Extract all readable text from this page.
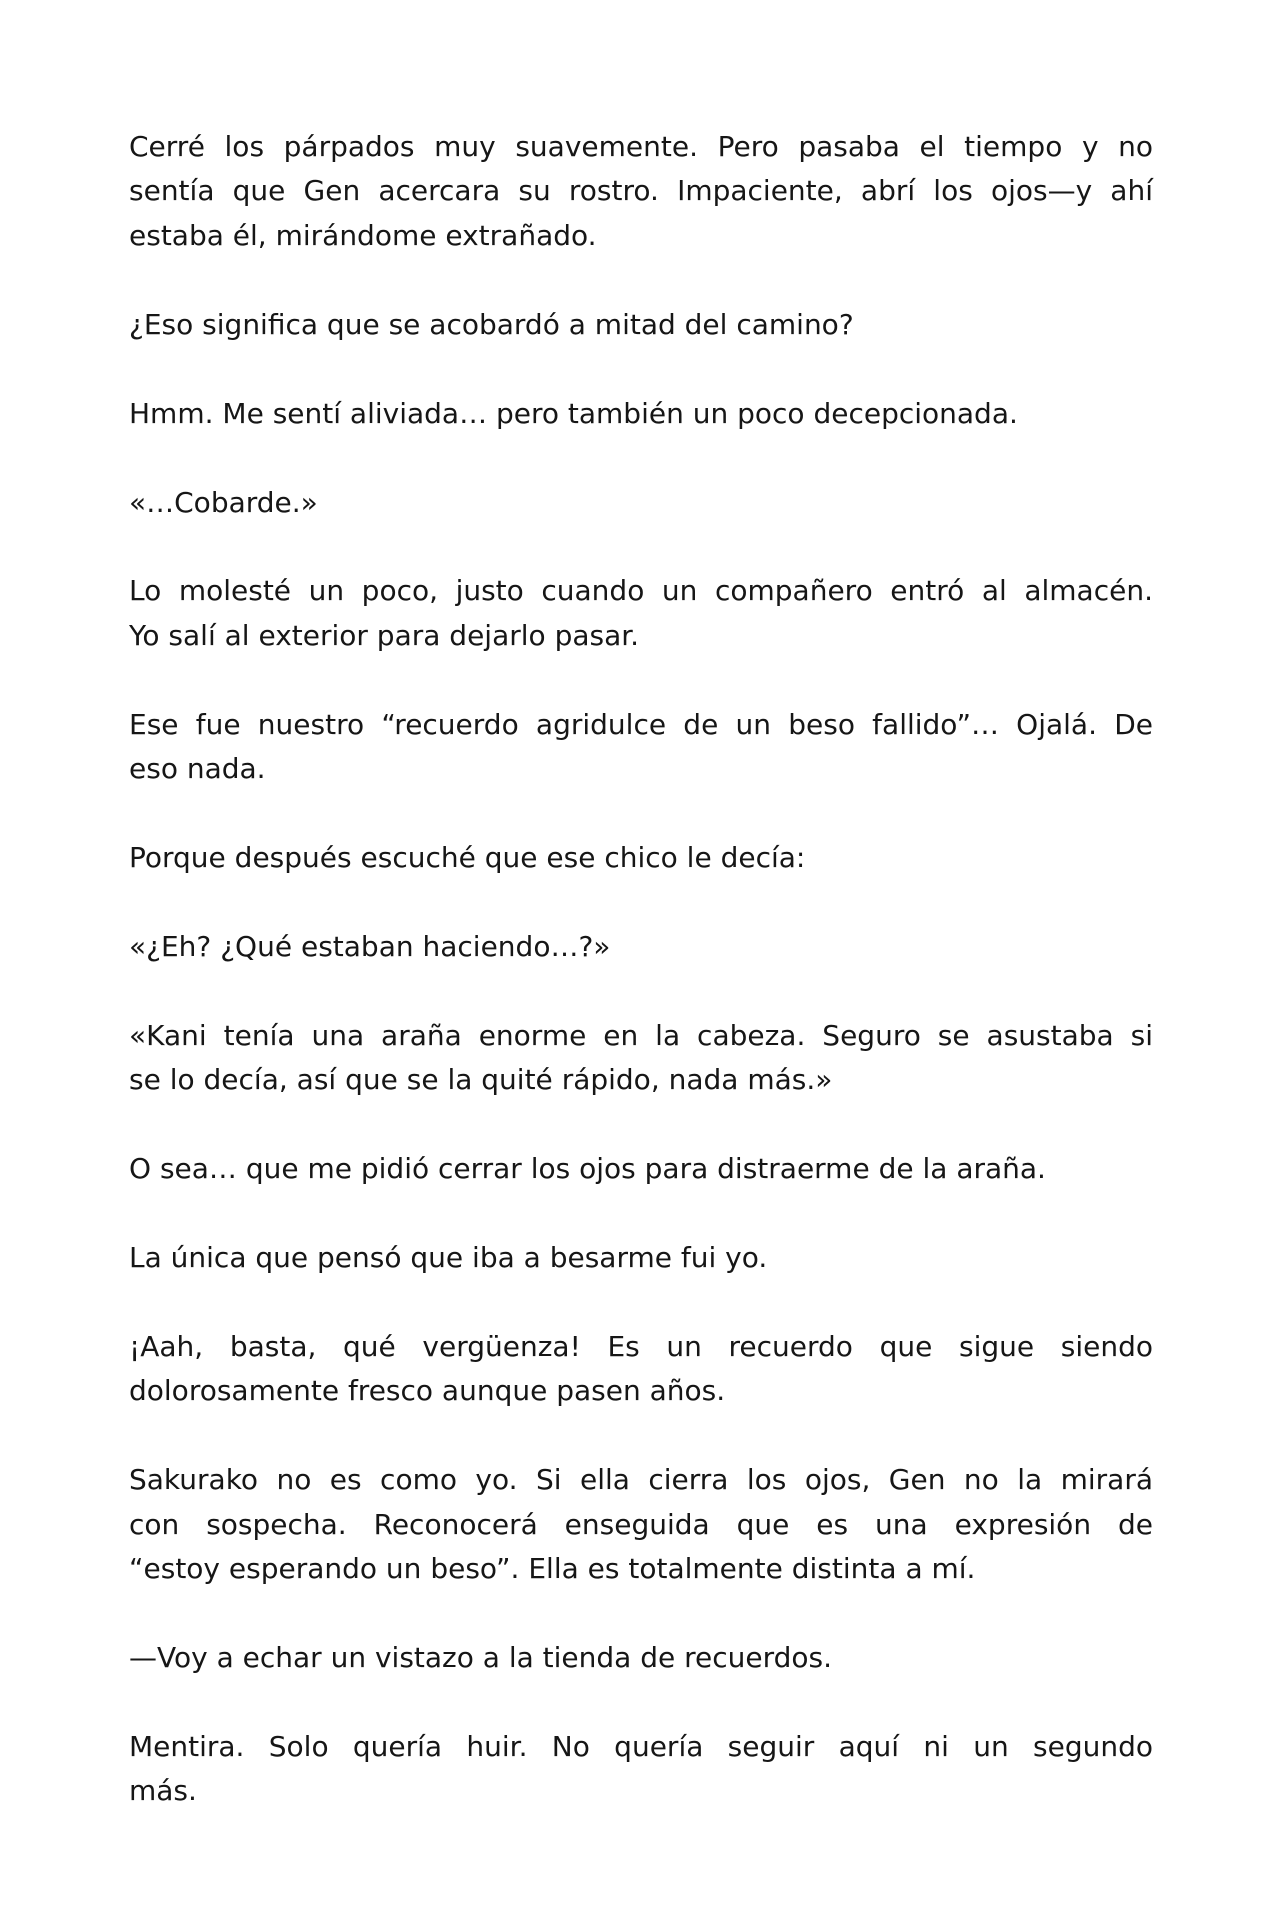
Cerré los párpados muy suavemente. Pero pasaba el tiempo y no
sentía que Gen acercara su rostro. Impaciente, abrí los ojos—y ahí
estaba él, mirándome extrañado.

¿Eso significa que se acobardó a mitad del camino?

Hmm. Me sentí aliviada… pero también un poco decepcionada.

«…Cobarde.»

Lo molesté un poco, justo cuando un compañero entró al almacén.
Yo salí al exterior para dejarlo pasar.

Ese fue nuestro “recuerdo agridulce de un beso fallido”… Ojalá. De
eso nada.

Porque después escuché que ese chico le decía:

«¿Eh? ¿Qué estaban haciendo…?»

«Kani tenía una araña enorme en la cabeza. Seguro se asustaba si
se lo decía, así que se la quité rápido, nada más.»

O sea… que me pidió cerrar los ojos para distraerme de la araña.

La única que pensó que iba a besarme fui yo.

¡Aah, basta, qué vergüenza! Es un recuerdo que sigue siendo
dolorosamente fresco aunque pasen años.

Sakurako no es como yo. Si ella cierra los ojos, Gen no la mirará
con sospecha. Reconocerá enseguida que es una expresión de
“estoy esperando un beso”. Ella es totalmente distinta a mí.

—Voy a echar un vistazo a la tienda de recuerdos.

Mentira. Solo quería huir. No quería seguir aquí ni un segundo
más.
